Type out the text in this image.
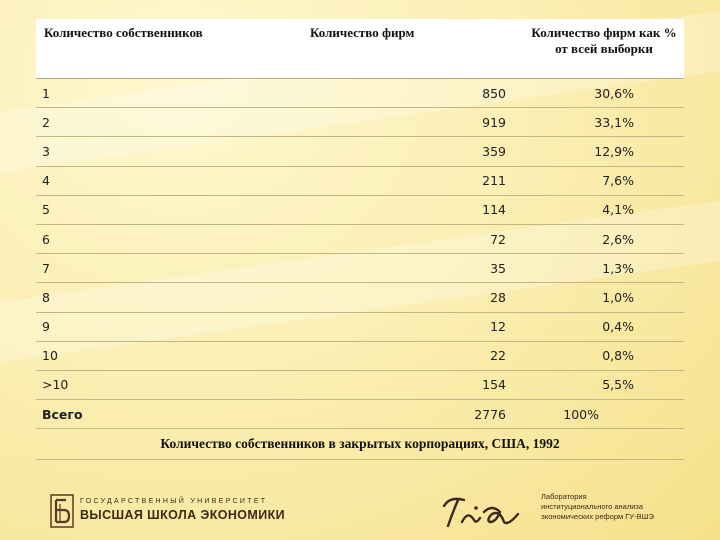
Количество собственников	Количество фирм	Количество фирм как % от всей выборки
1	850	30,6%
2	919	33,1%
3	359	12,9%
4	211	7,6%
5	114	4,1%
6	72	2,6%
7	35	1,3%
8	28	1,0%
9	12	0,4%
10	22	0,8%
>10	154	5,5%
Всего	2776	100%
Количество собственников в закрытых корпорациях, США, 1992
ГОСУДАРСТВЕННЫЙ УНИВЕРСИТЕТ
ВЫСШАЯ ШКОЛА ЭКОНОМИКИ
Лаборатория
институционального анализа
экономических реформ ГУ-ВШЭ
